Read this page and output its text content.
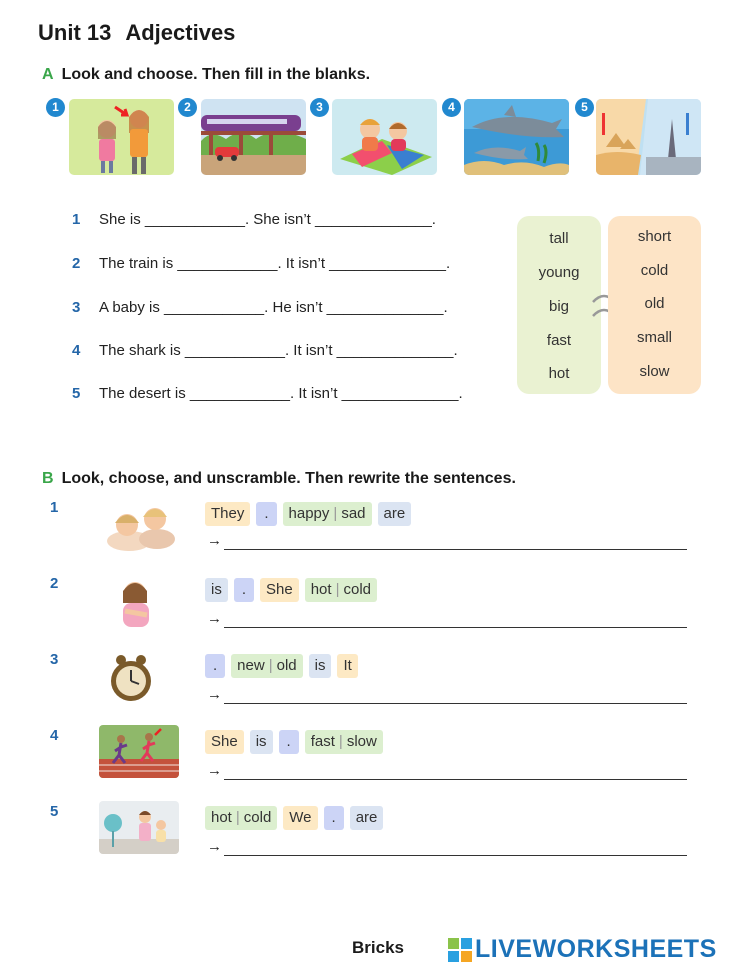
Unit 13 Adjectives
A Look and choose. Then fill in the blanks.
1	2	3	4	5
1 She is ____________. She isn’t ______________.
2 The train is ____________. It isn’t ______________.
3 A baby is ____________. He isn’t ______________.
4 The shark is ____________. It isn’t ______________.
5 The desert is ____________. It isn’t ______________.
tall
young
big
fast
hot
short
cold
old
small
slow
B Look, choose, and unscramble. Then rewrite the sentences.
1	They	.	happy | sad	are
→
2	is	.	She	hot | cold
→
3	.	new | old	is	It
→
4	She	is	.	fast | slow
→
5	hot | cold	We	.	are
→
Bricks	LIVEWORKSHEETS
